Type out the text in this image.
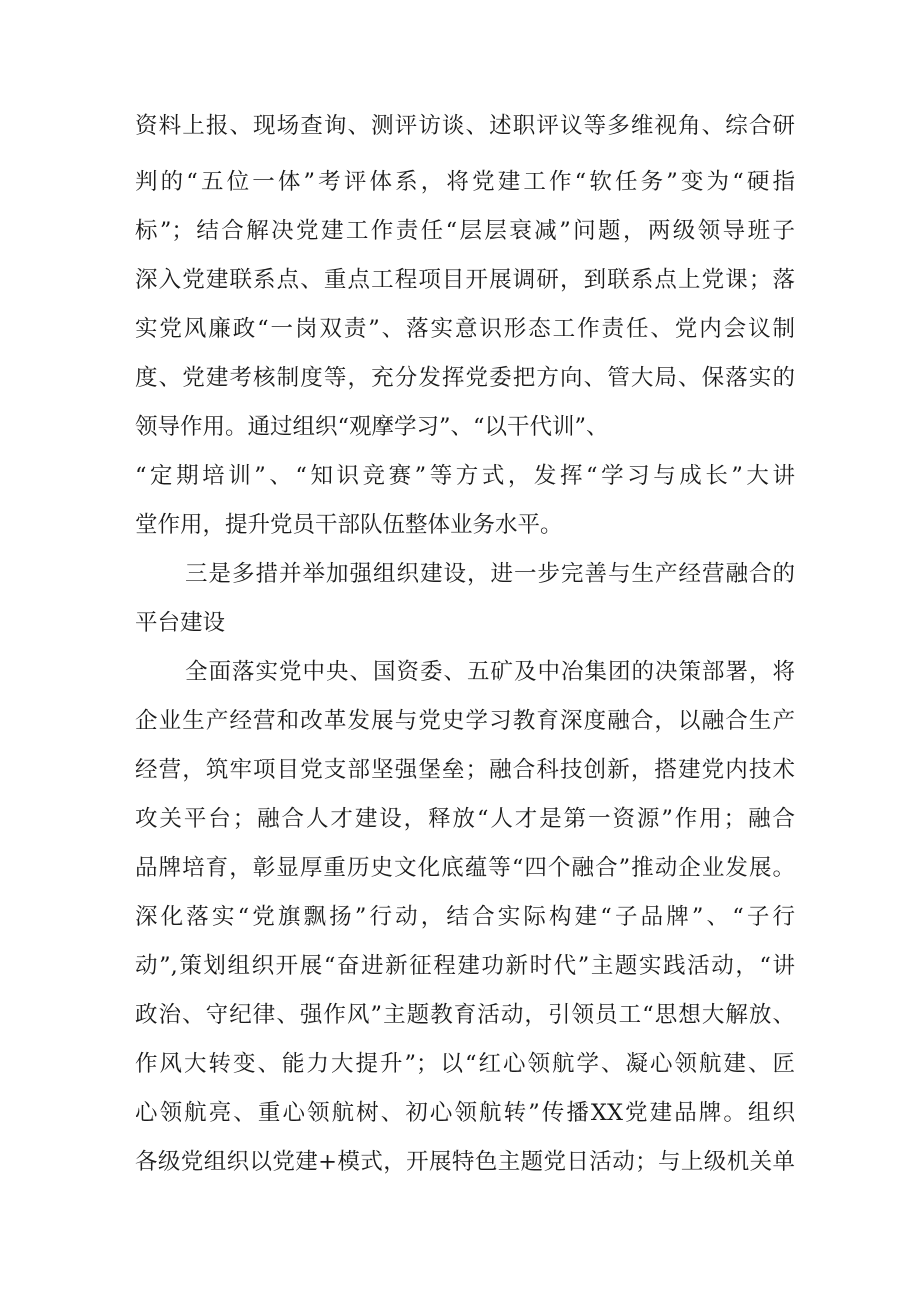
资料上报、现场查询、测评访谈、述职评议等多维视角、综合研
判的“五位一体”考评体系，将党建工作“软任务”变为“硬指
标”；结合解决党建工作责任“层层衰减”问题，两级领导班子
深入党建联系点、重点工程项目开展调研，到联系点上党课；落
实党风廉政“一岗双责”、落实意识形态工作责任、党内会议制
度、党建考核制度等，充分发挥党委把方向、管大局、保落实的
领导作用。通过组织“观摩学习”、“以干代训”、
“定期培训”、“知识竞赛”等方式，发挥“学习与成长”大讲
堂作用，提升党员干部队伍整体业务水平。
三是多措并举加强组织建设，进一步完善与生产经营融合的
平台建设
全面落实党中央、国资委、五矿及中冶集团的决策部署，将
企业生产经营和改革发展与党史学习教育深度融合，以融合生产
经营，筑牢项目党支部坚强堡垒；融合科技创新，搭建党内技术
攻关平台；融合人才建设，释放“人才是第一资源”作用；融合
品牌培育，彰显厚重历史文化底蕴等“四个融合”推动企业发展。
深化落实“党旗飘扬”行动，结合实际构建“子品牌”、“子行
动”,策划组织开展“奋进新征程建功新时代”主题实践活动，“讲
政治、守纪律、强作风”主题教育活动，引领员工“思想大解放、
作风大转变、能力大提升”；以“红心领航学、凝心领航建、匠
心领航亮、重心领航树、初心领航转”传播XX党建品牌。组织
各级党组织以党建+模式，开展特色主题党日活动；与上级机关单
